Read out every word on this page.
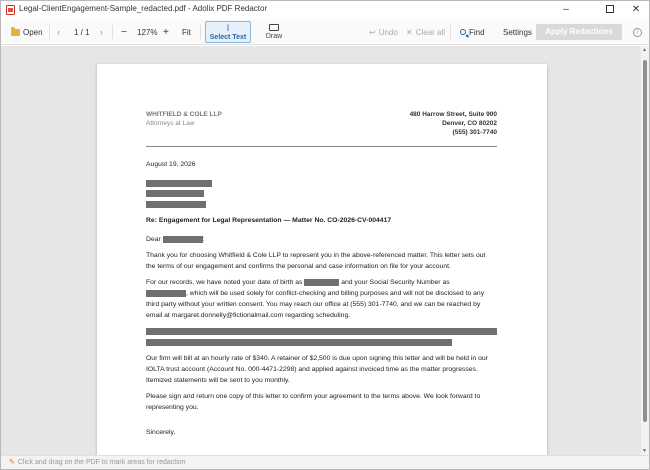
Legal-ClientEngagement-Sample_redacted.pdf - Adolix PDF Redactor	–	✕
Open ‹ 1 / 1 › − 127% + Fit	I
Select Text	Draw	↩ Undo ✕ Clear all	Find Settings	Apply Redactions	i
WHITFIELD & COLE LLP
Attorneys at Law
480 Harrow Street, Suite 900
Denver, CO 80202
(555) 301-7740
August 19, 2026
Re: Engagement for Legal Representation — Matter No. CO-2026-CV-004417
Dear	:
Thank you for choosing Whitfield & Cole LLP to represent you in the above-referenced matter. This letter sets out
the terms of our engagement and confirms the personal and case information on file for your account.
For our records, we have noted your date of birth as	and your Social Security Number as
, which will be used solely for conflict-checking and billing purposes and will not be disclosed to any
third party without your written consent. You may reach our office at (555) 301-7740, and we can be reached by
email at margaret.donnelly@fictionalmail.com regarding scheduling.
Our firm will bill at an hourly rate of $340. A retainer of $2,500 is due upon signing this letter and will be held in our
IOLTA trust account (Account No. 000-4471-2298) and applied against invoiced time as the matter progresses.
Itemized statements will be sent to you monthly.
Please sign and return one copy of this letter to confirm your agreement to the terms above. We look forward to
representing you.
Sincerely,
▲
▼
✎ Click and drag on the PDF to mark areas for redaction
